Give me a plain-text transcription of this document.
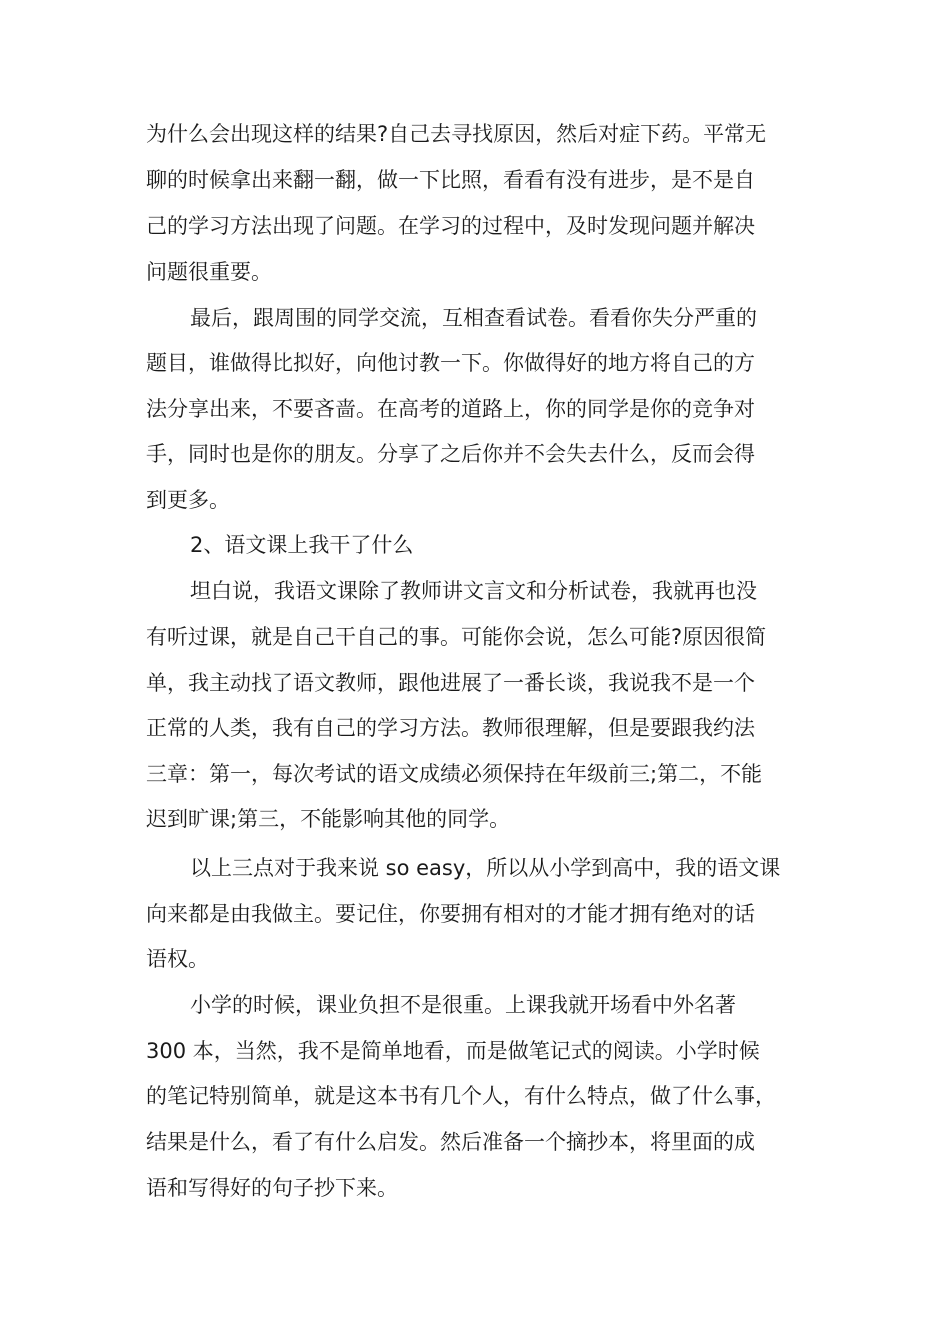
为什么会出现这样的结果?自己去寻找原因，然后对症下药。平常无

聊的时候拿出来翻一翻，做一下比照，看看有没有进步，是不是自

己的学习方法出现了问题。在学习的过程中，及时发现问题并解决

问题很重要。

最后，跟周围的同学交流，互相查看试卷。看看你失分严重的

题目，谁做得比拟好，向他讨教一下。你做得好的地方将自己的方

法分享出来，不要吝啬。在高考的道路上，你的同学是你的竞争对

手，同时也是你的朋友。分享了之后你并不会失去什么，反而会得

到更多。

2、语文课上我干了什么

坦白说，我语文课除了教师讲文言文和分析试卷，我就再也没

有听过课，就是自己干自己的事。可能你会说，怎么可能?原因很简

单，我主动找了语文教师，跟他进展了一番长谈，我说我不是一个

正常的人类，我有自己的学习方法。教师很理解，但是要跟我约法

三章：第一，每次考试的语文成绩必须保持在年级前三;第二，不能

迟到旷课;第三，不能影响其他的同学。

以上三点对于我来说 so easy，所以从小学到高中，我的语文课

向来都是由我做主。要记住，你要拥有相对的才能才拥有绝对的话

语权。

小学的时候，课业负担不是很重。上课我就开场看中外名著

300 本，当然，我不是简单地看，而是做笔记式的阅读。小学时候

的笔记特别简单，就是这本书有几个人，有什么特点，做了什么事，

结果是什么，看了有什么启发。然后准备一个摘抄本，将里面的成

语和写得好的句子抄下来。
